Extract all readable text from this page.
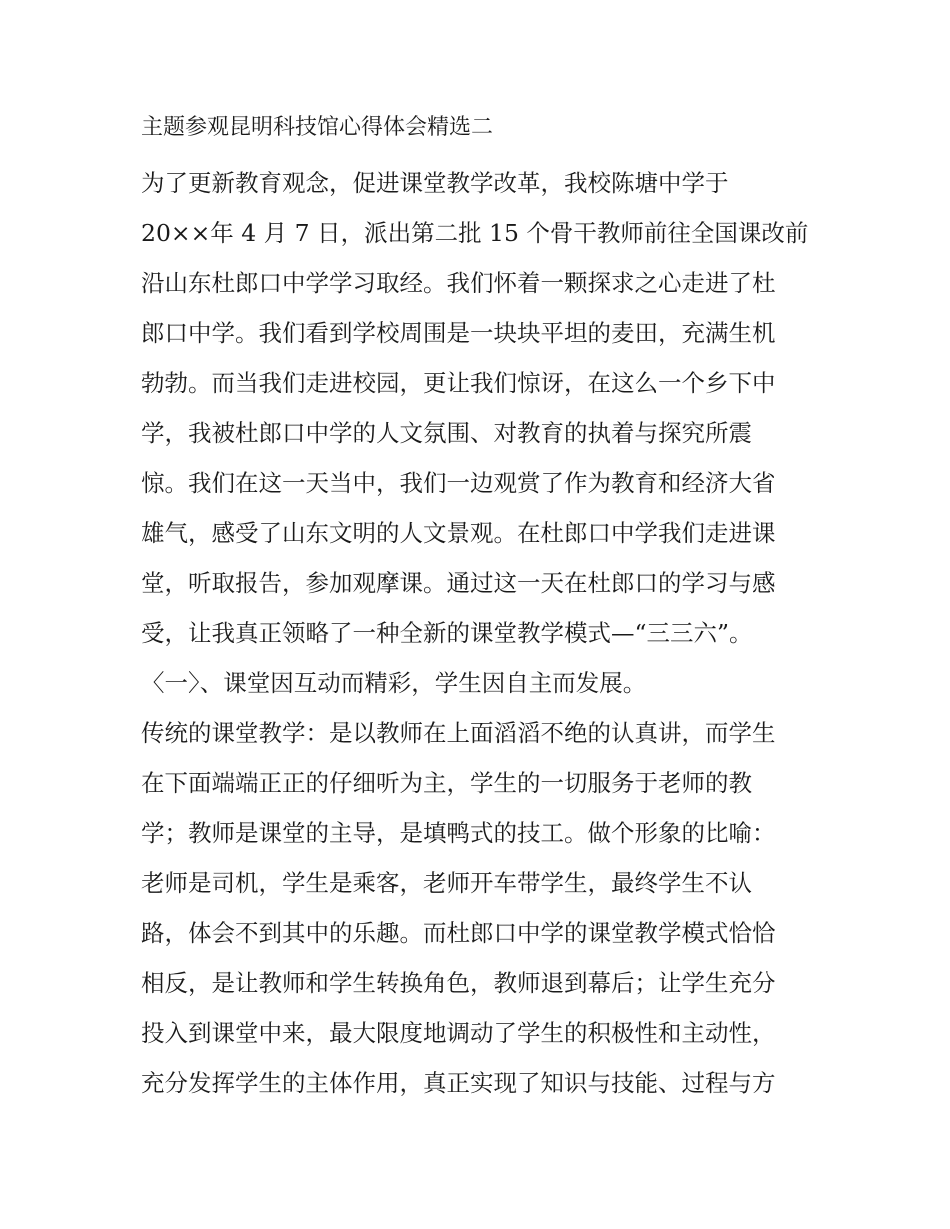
主题参观昆明科技馆心得体会精选二

为了更新教育观念，促进课堂教学改革，我校陈塘中学于

20××年 4 月 7 日，派出第二批 15 个骨干教师前往全国课改前

沿山东杜郎口中学学习取经。我们怀着一颗探求之心走进了杜

郎口中学。我们看到学校周围是一块块平坦的麦田，充满生机

勃勃。而当我们走进校园，更让我们惊讶，在这么一个乡下中

学，我被杜郎口中学的人文氛围、对教育的执着与探究所震

惊。我们在这一天当中，我们一边观赏了作为教育和经济大省

雄气，感受了山东文明的人文景观。在杜郎口中学我们走进课

堂，听取报告，参加观摩课。通过这一天在杜郎口的学习与感

受，让我真正领略了一种全新的课堂教学模式—“三三六”。

〈一〉、课堂因互动而精彩，学生因自主而发展。

传统的课堂教学：是以教师在上面滔滔不绝的认真讲，而学生

在下面端端正正的仔细听为主，学生的一切服务于老师的教

学；教师是课堂的主导，是填鸭式的技工。做个形象的比喻：

老师是司机，学生是乘客，老师开车带学生，最终学生不认

路，体会不到其中的乐趣。而杜郎口中学的课堂教学模式恰恰

相反，是让教师和学生转换角色，教师退到幕后；让学生充分

投入到课堂中来，最大限度地调动了学生的积极性和主动性，

充分发挥学生的主体作用，真正实现了知识与技能、过程与方
